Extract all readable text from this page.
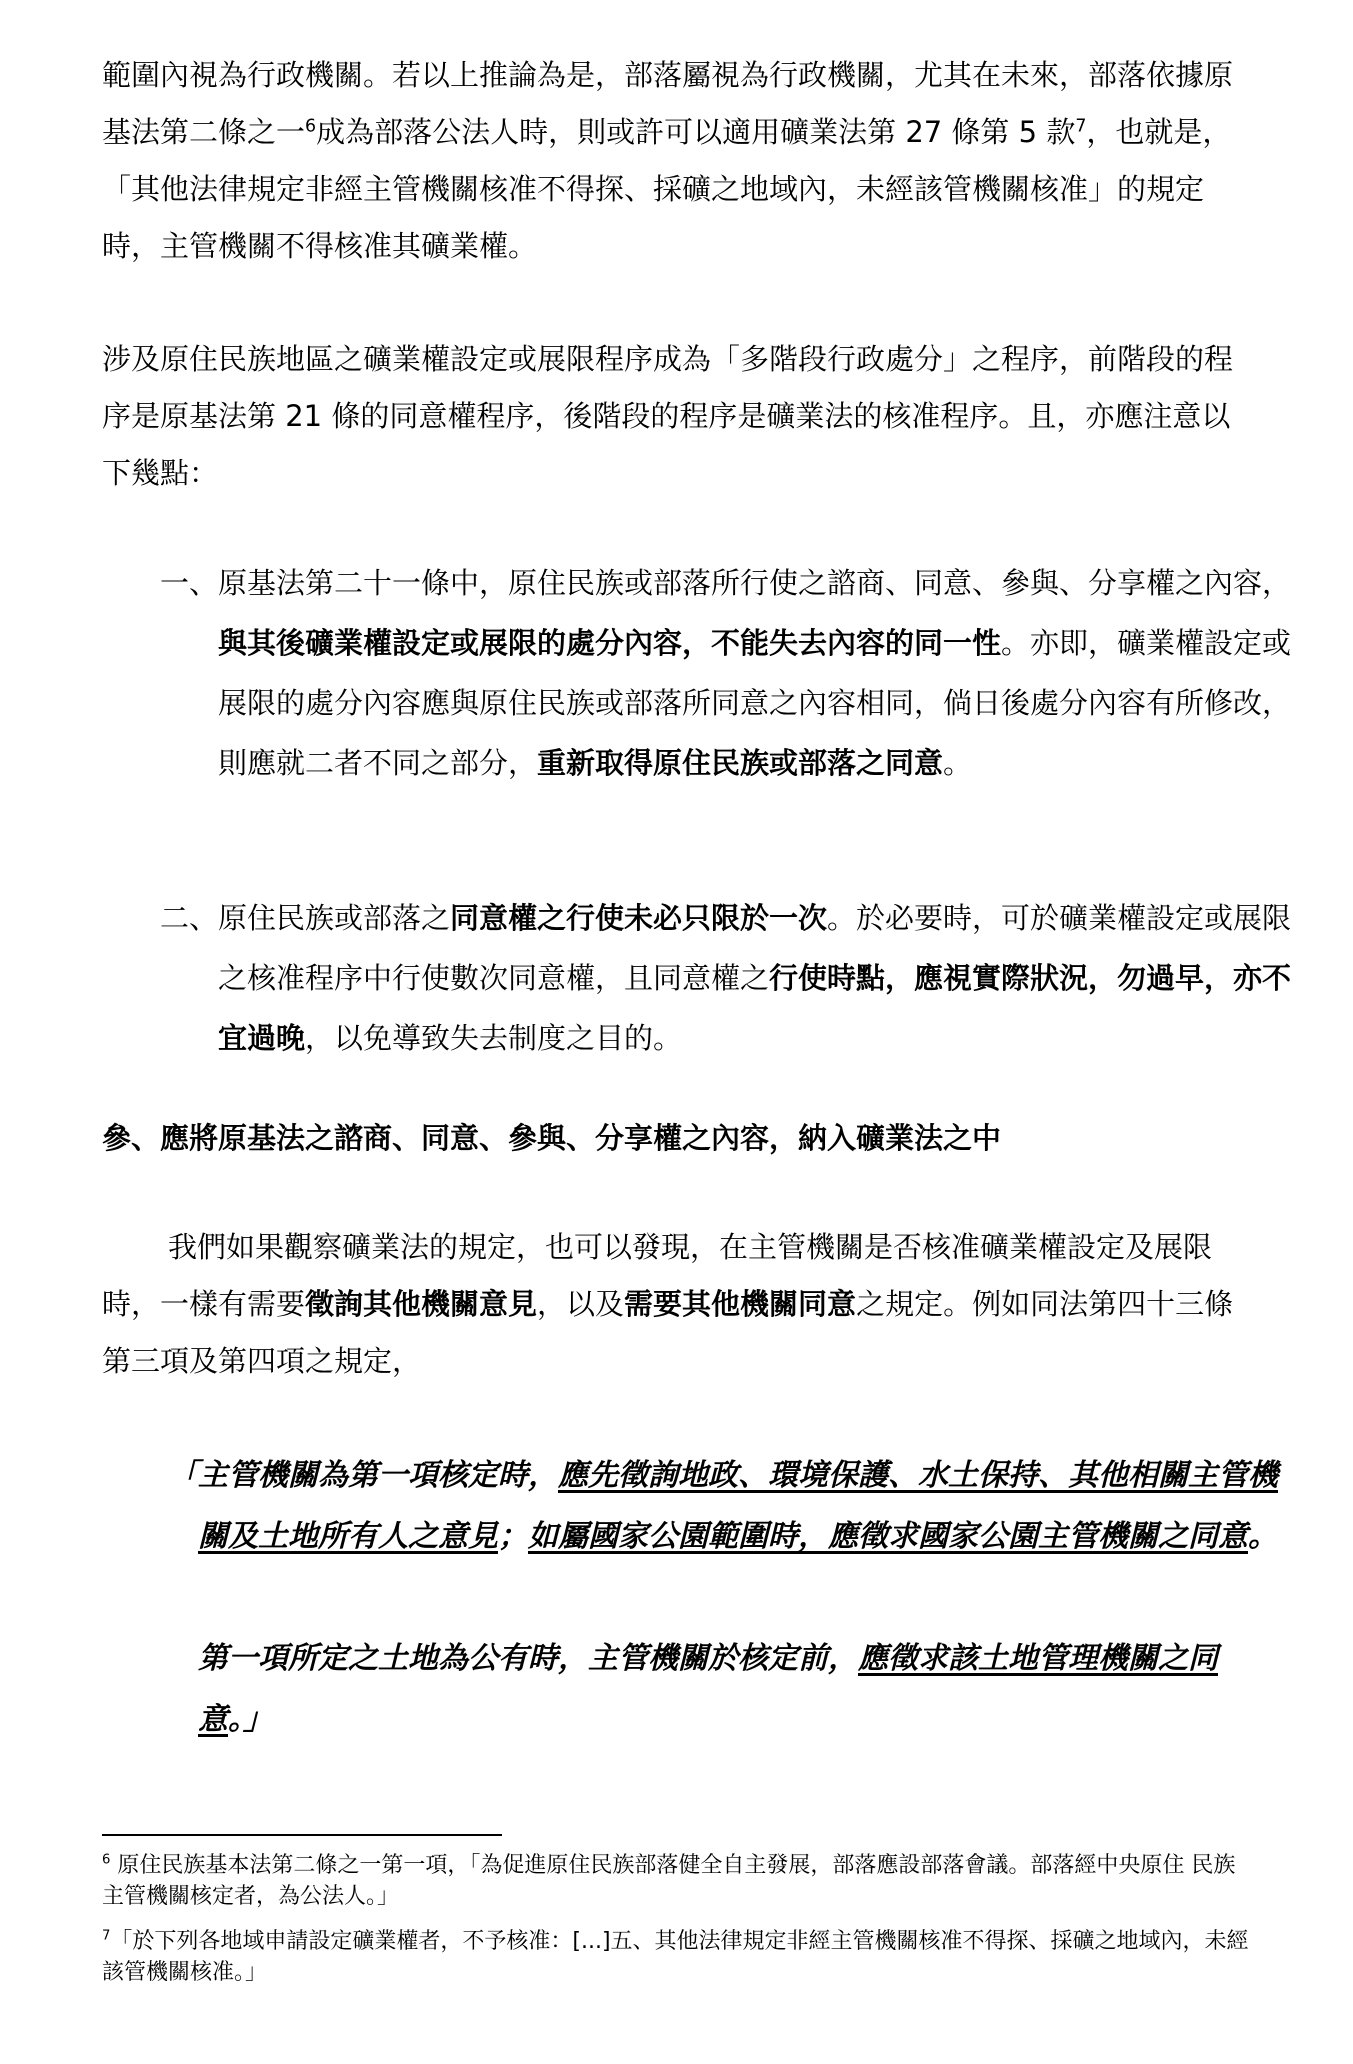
範圍內視為行政機關。若以上推論為是，部落屬視為行政機關，尤其在未來，部落依據原基法第二條之一$^6$成為部落公法人時，則或許可以適用礦業法第 27 條第 5 款$^7$，也就是，「其他法律規定非經主管機關核准不得探、採礦之地域內，未經該管機關核准」的規定時，主管機關不得核准其礦業權。
涉及原住民族地區之礦業權設定或展限程序成為「多階段行政處分」之程序，前階段的程序是原基法第 21 條的同意權程序，後階段的程序是礦業法的核准程序。且，亦應注意以下幾點：
一、原基法第二十一條中，原住民族或部落所行使之諮商、同意、參與、分享權之內容，與其後礦業權設定或展限的處分內容，不能失去內容的同一性。亦即，礦業權設定或展限的處分內容應與原住民族或部落所同意之內容相同，倘日後處分內容有所修改，則應就二者不同之部分，重新取得原住民族或部落之同意。
二、原住民族或部落之同意權之行使未必只限於一次。於必要時，可於礦業權設定或展限之核准程序中行使數次同意權，且同意權之行使時點，應視實際狀況，勿過早，亦不宜過晚，以免導致失去制度之目的。
參、應將原基法之諮商、同意、參與、分享權之內容，納入礦業法之中
我們如果觀察礦業法的規定，也可以發現，在主管機關是否核准礦業權設定及展限時，一樣有需要徵詢其他機關意見，以及需要其他機關同意之規定。例如同法第四十三條第三項及第四項之規定，
「主管機關為第一項核定時，應先徵詢地政、環境保護、水土保持、其他相關主管機關及土地所有人之意見；如屬國家公園範圍時，應徵求國家公園主管機關之同意。
第一項所定之土地為公有時，主管機關於核定前，應徵求該土地管理機關之同意。」
$^6$ 原住民族基本法第二條之一第一項，「為促進原住民族部落健全自主發展，部落應設部落會議。部落經中央原住 民族主管機關核定者，為公法人。」
$^7$「於下列各地域申請設定礦業權者，不予核准：[...]五、其他法律規定非經主管機關核准不得探、採礦之地域內，未經該管機關核准。」
